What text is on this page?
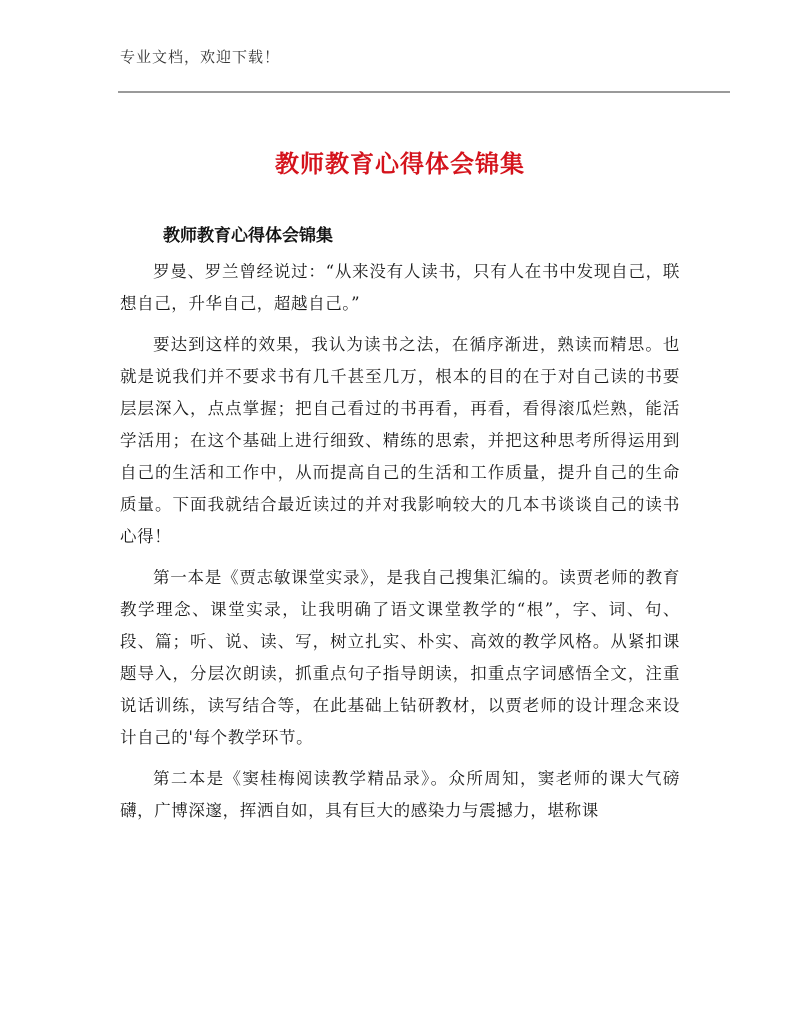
专业文档，欢迎下载！
教师教育心得体会锦集
教师教育心得体会锦集

罗曼、罗兰曾经说过：“从来没有人读书，只有人在书中发现自己，联想自己，升华自己，超越自己。”

要达到这样的效果，我认为读书之法，在循序渐进，熟读而精思。也就是说我们并不要求书有几千甚至几万，根本的目的在于对自己读的书要层层深入，点点掌握；把自己看过的书再看，再看，看得滚瓜烂熟，能活学活用；在这个基础上进行细致、精练的思索，并把这种思考所得运用到自己的生活和工作中，从而提高自己的生活和工作质量，提升自己的生命质量。下面我就结合最近读过的并对我影响较大的几本书谈谈自己的读书心得！

第一本是《贾志敏课堂实录》，是我自己搜集汇编的。读贾老师的教育教学理念、课堂实录，让我明确了语文课堂教学的“根”，字、词、句、段、篇；听、说、读、写，树立扎实、朴实、高效的教学风格。从紧扣课题导入，分层次朗读，抓重点句子指导朗读，扣重点字词感悟全文，注重说话训练，读写结合等，在此基础上钻研教材，以贾老师的设计理念来设计自己的'每个教学环节。

第二本是《窦桂梅阅读教学精品录》。众所周知，窦老师的课大气磅礴，广博深邃，挥洒自如，具有巨大的感染力与震撼力，堪称课
